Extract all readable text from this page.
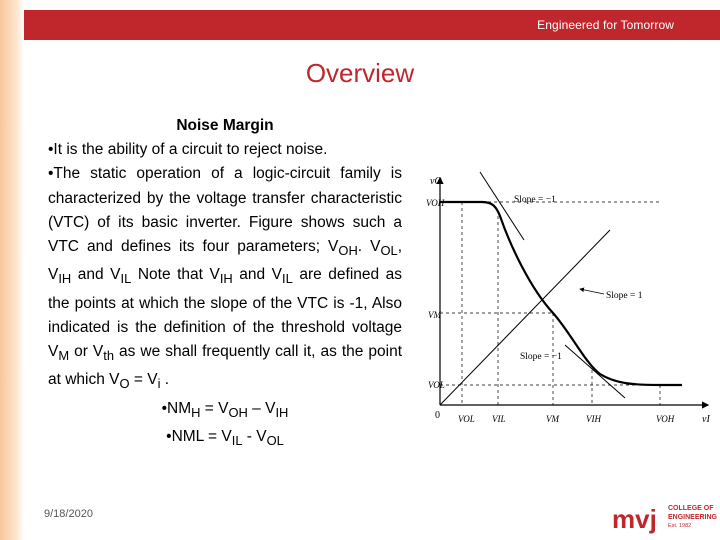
Engineered for Tomorrow
Overview

Noise Margin

•It is the ability of a circuit to reject noise.

•The static operation of a logic-circuit family is characterized by the voltage transfer characteristic (VTC) of its basic inverter. Figure shows such a VTC and defines its four parameters; $V_{OH}$. $V_{OL}$, $V_{IH}$ and $V_{IL}$ Note that $V_{IH}$ and $V_{IL}$ are defined as the points at which the slope of the VTC is -1, Also indicated is the definition of the threshold voltage $V_M$ or $V_{th}$ as we shall frequently call it, as the point at which $V_O = V_i$ .

$•NM_H = V_{OH} - V_{IH}$

•NML = $V_{IL} - V_{OL}$

vO
vI
0
VOH
VM
VOL
VOL VIL	VM	VIH	VOH
Slope = −1
Slope = 1
Slope = −1
9/18/2020	mvj COLLEGE OF
ENGINEERING
Est. 1982
